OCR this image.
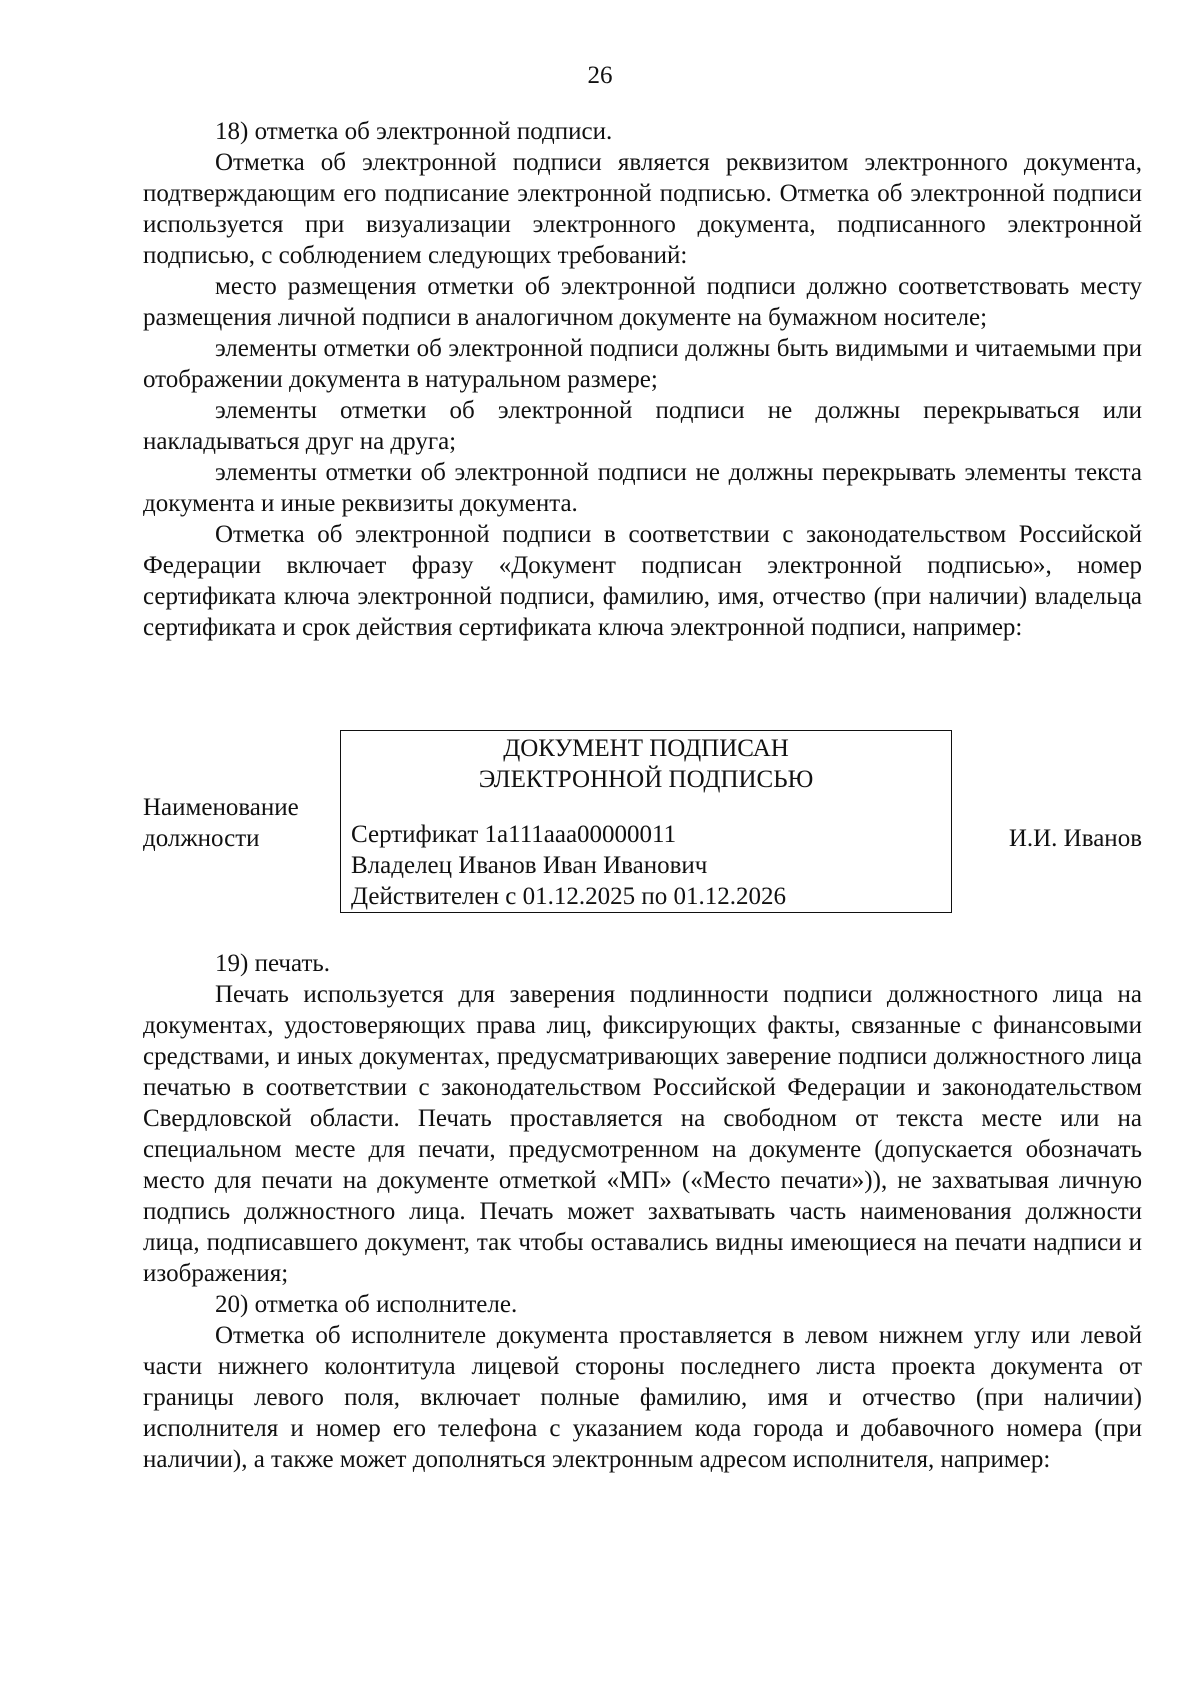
26

18) отметка об электронной подписи.

Отметка об электронной подписи является реквизитом электронного документа, подтверждающим его подписание электронной подписью. Отметка об электронной подписи используется при визуализации электронного документа, подписанного электронной подписью, с соблюдением следующих требований:

место размещения отметки об электронной подписи должно соответствовать месту размещения личной подписи в аналогичном документе на бумажном носителе;

элементы отметки об электронной подписи должны быть видимыми и читаемыми при отображении документа в натуральном размере;

элементы отметки об электронной подписи не должны перекрываться или накладываться друг на друга;

элементы отметки об электронной подписи не должны перекрывать элементы текста документа и иные реквизиты документа.

Отметка об электронной подписи в соответствии с законодательством Российской Федерации включает фразу «Документ подписан электронной подписью», номер сертификата ключа электронной подписи, фамилию, имя, отчество (при наличии) владельца сертификата и срок действия сертификата ключа электронной подписи, например:

Наименование
должности
ДОКУМЕНТ ПОДПИСАН
ЭЛЕКТРОННОЙ ПОДПИСЬЮ
Сертификат 1a111aaa00000011
Владелец Иванов Иван Иванович
Действителен с 01.12.2025 по 01.12.2026
И.И. Иванов

19) печать.

Печать используется для заверения подлинности подписи должностного лица на документах, удостоверяющих права лиц, фиксирующих факты, связанные с финансовыми средствами, и иных документах, предусматривающих заверение подписи должностного лица печатью в соответствии с законодательством Российской Федерации и законодательством Свердловской области. Печать проставляется на свободном от текста месте или на специальном месте для печати, предусмотренном на документе (допускается обозначать место для печати на документе отметкой «МП» («Место печати»)), не захватывая личную подпись должностного лица. Печать может захватывать часть наименования должности лица, подписавшего документ, так чтобы оставались видны имеющиеся на печати надписи и изображения;

20) отметка об исполнителе.

Отметка об исполнителе документа проставляется в левом нижнем углу или левой части нижнего колонтитула лицевой стороны последнего листа проекта документа от границы левого поля, включает полные фамилию, имя и отчество (при наличии) исполнителя и номер его телефона с указанием кода города и добавочного номера (при наличии), а также может дополняться электронным адресом исполнителя, например:
